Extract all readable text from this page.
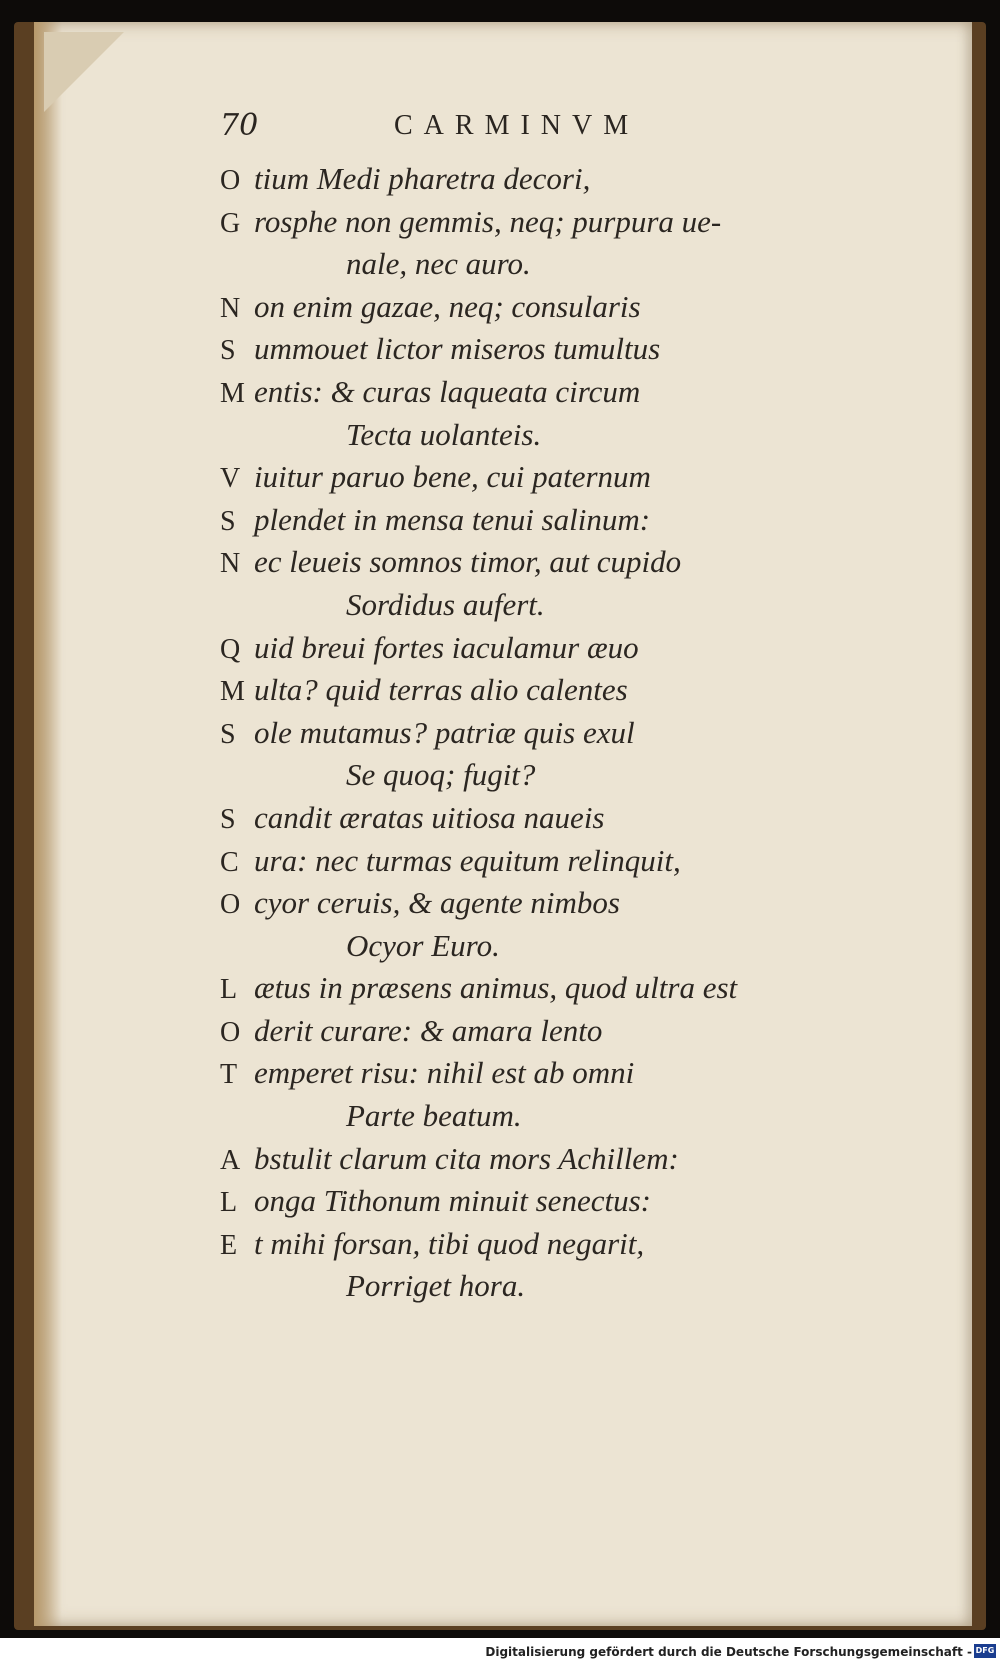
70	CARMINVM
O tium Medi pharetra decori,
G rosphe non gemmis, neq; purpura ue-
nale, nec auro.
N on enim gazae, neq; consularis
S ummouet lictor miseros tumultus
M entis: & curas laqueata circum
Tecta uolanteis.
V iuitur paruo bene, cui paternum
S plendet in mensa tenui salinum:
N ec leueis somnos timor, aut cupido
Sordidus aufert.
Q uid breui fortes iaculamur æuo
M ulta? quid terras alio calentes
S ole mutamus? patriæ quis exul
Se quoq; fugit?
S candit æratas uitiosa naueis
C ura: nec turmas equitum relinquit,
O cyor ceruis, & agente nimbos
Ocyor Euro.
L ætus in præsens animus, quod ultra est
O derit curare: & amara lento
T emperet risu: nihil est ab omni
Parte beatum.
A bstulit clarum cita mors Achillem:
L onga Tithonum minuit senectus:
E t mihi forsan, tibi quod negarit,
Porriget hora.
Digitalisierung gefördert durch die Deutsche Forschungsgemeinschaft - DFG
